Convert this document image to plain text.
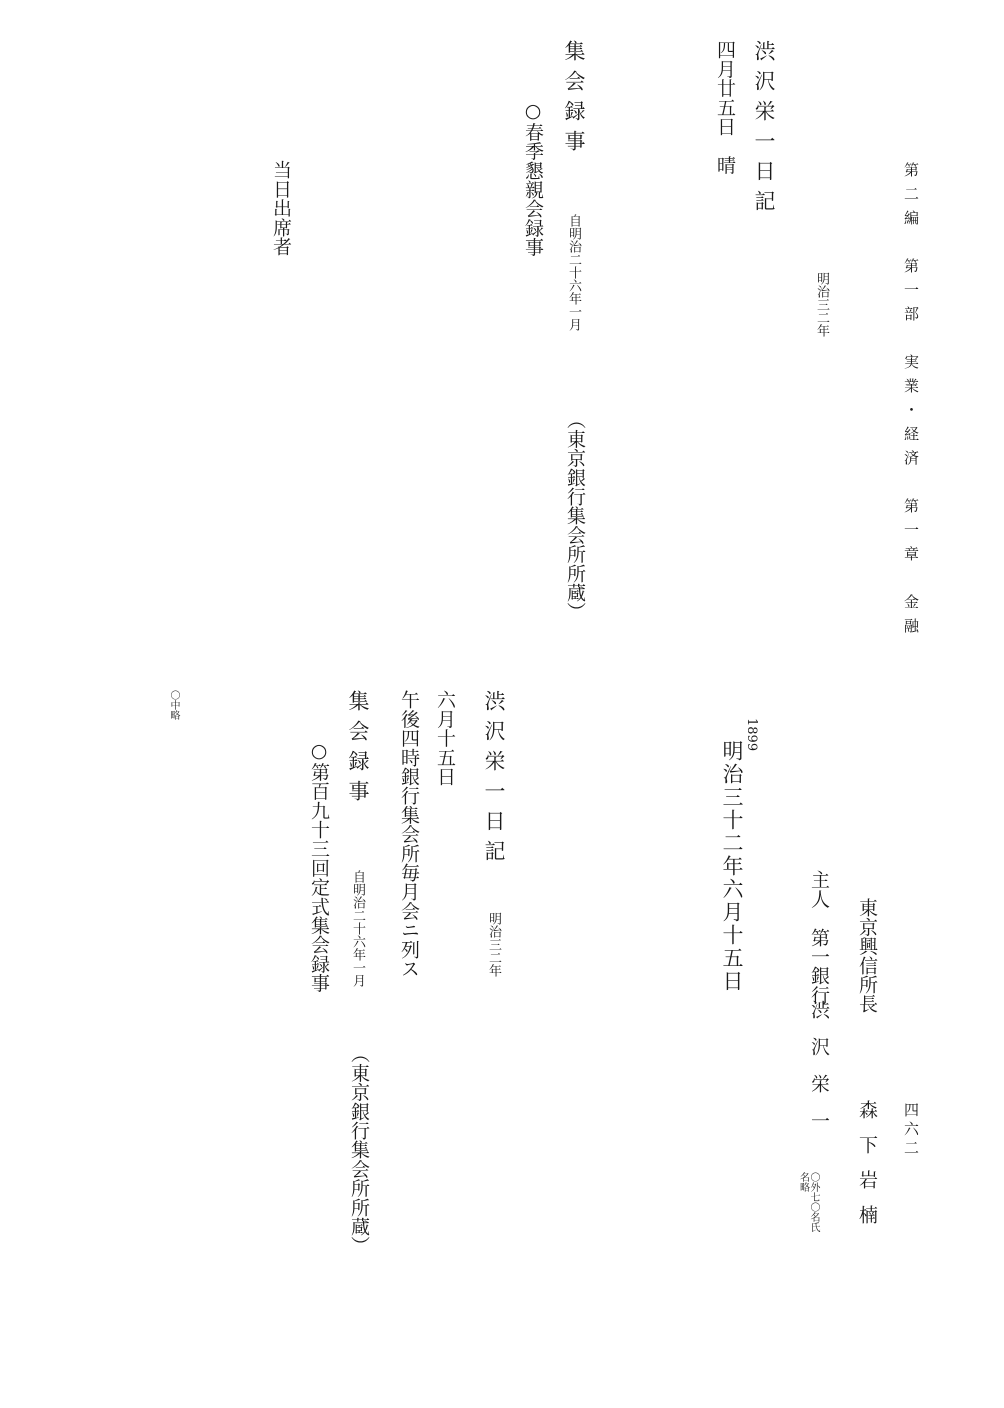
第二編　第一部　実業・経済　第一章　金融
四六二
渋沢栄一日記
明治三二年
四月廿五日　晴
集会録事
自明治二十六年一月
（東京銀行集会所所蔵）
○春季懇親会録事
当日出席者
東京興信所長
森下岩楠
主人　第一銀行
渋沢栄一
〇外七〇名氏名略
1899
明治三十二年六月十五日
渋沢栄一日記
明治三二年
六月十五日
午後四時銀行集会所毎月会ニ列ス
集会録事
自明治二十六年一月
（東京銀行集会所所蔵）
○第百九十三回定式集会録事
〇中略
